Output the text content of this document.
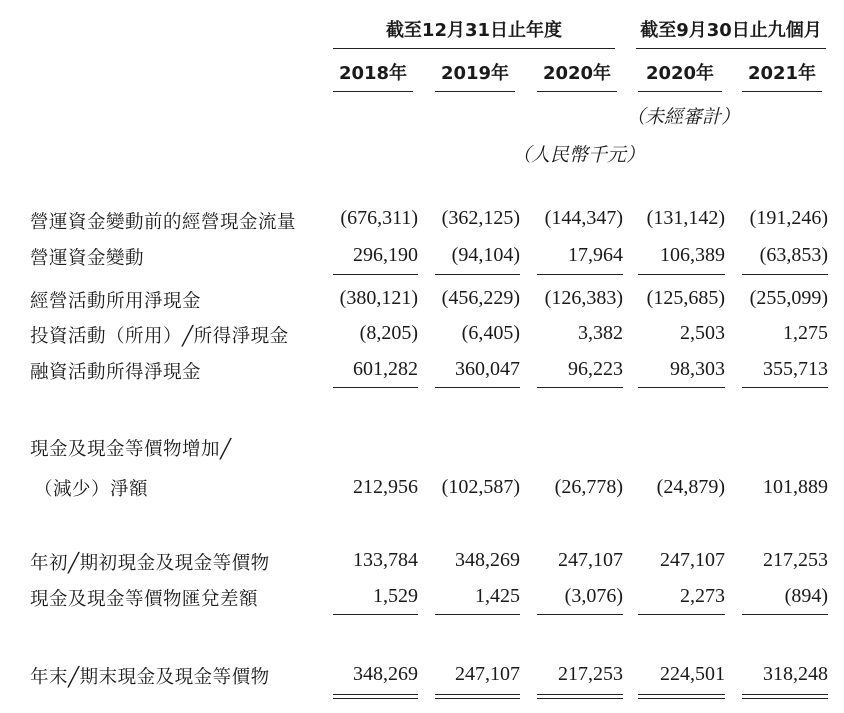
截至12月31日止年度	截至9月30日止九個月
2018年	2019年	2020年	2020年	2021年
（未經審計）
（人民幣千元）
營運資金變動前的經營現金流量	(676,311)	(362,125)	(144,347)	(131,142)	(191,246)
營運資金變動	296,190	(94,104)	17,964	106,389	(63,853)
經營活動所用淨現金	(380,121)	(456,229)	(126,383)	(125,685)	(255,099)
投資活動（所用）╱所得淨現金	(8,205)	(6,405)	3,382	2,503	1,275
融資活動所得淨現金	601,282	360,047	96,223	98,303	355,713
現金及現金等價物增加╱
（減少）淨額	212,956	(102,587)	(26,778)	(24,879)	101,889
年初╱期初現金及現金等價物	133,784	348,269	247,107	247,107	217,253
現金及現金等價物匯兌差額	1,529	1,425	(3,076)	2,273	(894)
年末╱期末現金及現金等價物	348,269	247,107	217,253	224,501	318,248
